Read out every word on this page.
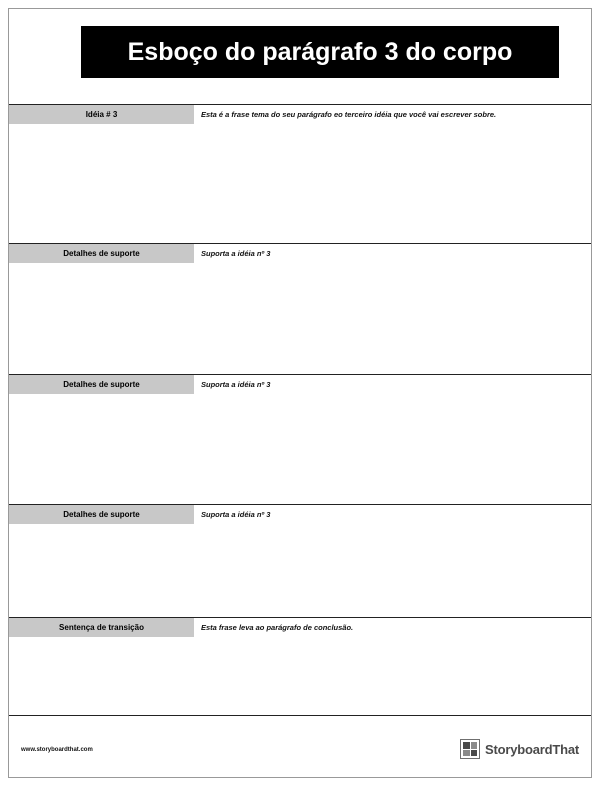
Esboço do parágrafo 3 do corpo
Idéia # 3	Esta é a frase tema do seu parágrafo eo terceiro idéia que você vai escrever sobre.
Detalhes de suporte	Suporta a idéia nº 3
Detalhes de suporte	Suporta a idéia nº 3
Detalhes de suporte	Suporta a idéia nº 3
Sentença de transição	Esta frase leva ao parágrafo de conclusão.
www.storyboardthat.com	StoryboardThat
